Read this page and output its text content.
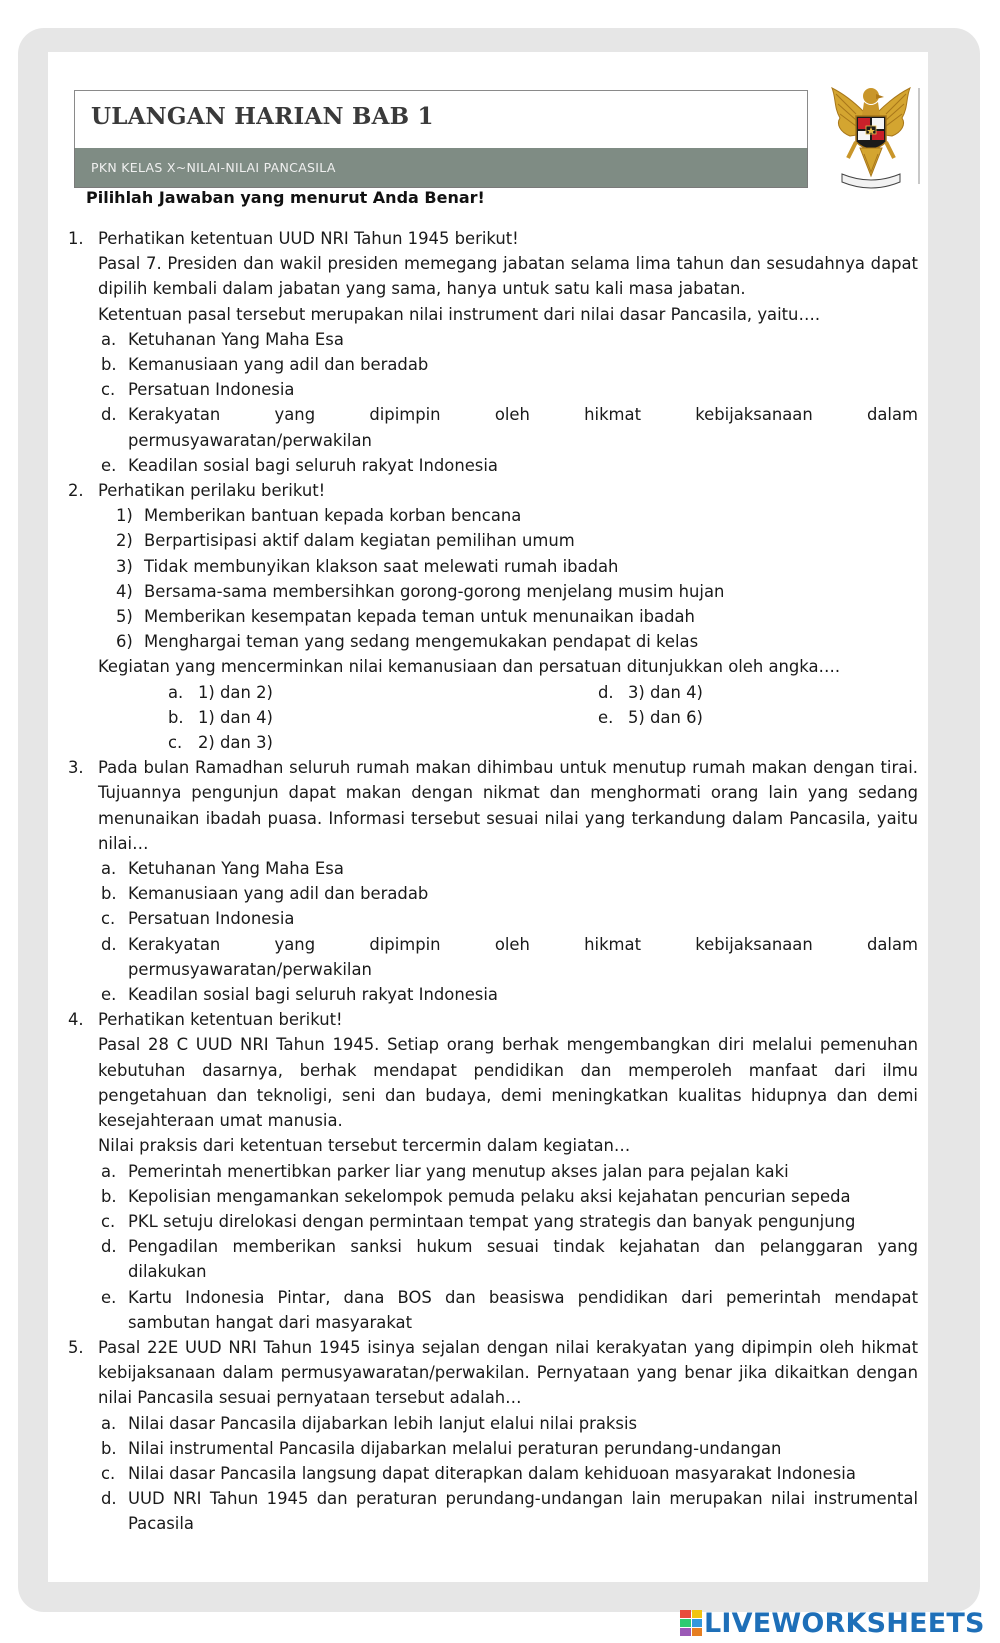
ULANGAN HARIAN BAB 1
PKN KELAS X~NILAI-NILAI PANCASILA
Pilihlah Jawaban yang menurut Anda Benar!
1. Perhatikan ketentuan UUD NRI Tahun 1945 berikut!
Pasal 7. Presiden dan wakil presiden memegang jabatan selama lima tahun dan sesudahnya dapat dipilih kembali dalam jabatan yang sama, hanya untuk satu kali masa jabatan.
Ketentuan pasal tersebut merupakan nilai instrument dari nilai dasar Pancasila, yaitu….
a. Ketuhanan Yang Maha Esa
b. Kemanusiaan yang adil dan beradab
c. Persatuan Indonesia
d. Kerakyatan yang dipimpin oleh hikmat kebijaksanaan dalam
permusyawaratan/perwakilan
e. Keadilan sosial bagi seluruh rakyat Indonesia
2. Perhatikan perilaku berikut!
1) Memberikan bantuan kepada korban bencana
2) Berpartisipasi aktif dalam kegiatan pemilihan umum
3) Tidak membunyikan klakson saat melewati rumah ibadah
4) Bersama-sama membersihkan gorong-gorong menjelang musim hujan
5) Memberikan kesempatan kepada teman untuk menunaikan ibadah
6) Menghargai teman yang sedang mengemukakan pendapat di kelas
Kegiatan yang mencerminkan nilai kemanusiaan dan persatuan ditunjukkan oleh angka….
a. 1) dan 2)
b. 1) dan 4)
c. 2) dan 3)
d. 3) dan 4)
e. 5) dan 6)
3. Pada bulan Ramadhan seluruh rumah makan dihimbau untuk menutup rumah makan dengan tirai. Tujuannya pengunjun dapat makan dengan nikmat dan menghormati orang lain yang sedang menunaikan ibadah puasa. Informasi tersebut sesuai nilai yang terkandung dalam Pancasila, yaitu nilai…
a. Ketuhanan Yang Maha Esa
b. Kemanusiaan yang adil dan beradab
c. Persatuan Indonesia
d. Kerakyatan yang dipimpin oleh hikmat kebijaksanaan dalam
permusyawaratan/perwakilan
e. Keadilan sosial bagi seluruh rakyat Indonesia
4. Perhatikan ketentuan berikut!
Pasal 28 C UUD NRI Tahun 1945. Setiap orang berhak mengembangkan diri melalui pemenuhan kebutuhan dasarnya, berhak mendapat pendidikan dan memperoleh manfaat dari ilmu pengetahuan dan teknoligi, seni dan budaya, demi meningkatkan kualitas hidupnya dan demi kesejahteraan umat manusia.
Nilai praksis dari ketentuan tersebut tercermin dalam kegiatan…
a. Pemerintah menertibkan parker liar yang menutup akses jalan para pejalan kaki
b. Kepolisian mengamankan sekelompok pemuda pelaku aksi kejahatan pencurian sepeda
c. PKL setuju direlokasi dengan permintaan tempat yang strategis dan banyak pengunjung
d. Pengadilan memberikan sanksi hukum sesuai tindak kejahatan dan pelanggaran yang dilakukan
e. Kartu Indonesia Pintar, dana BOS dan beasiswa pendidikan dari pemerintah mendapat sambutan hangat dari masyarakat
5. Pasal 22E UUD NRI Tahun 1945 isinya sejalan dengan nilai kerakyatan yang dipimpin oleh hikmat kebijaksanaan dalam permusyawaratan/perwakilan. Pernyataan yang benar jika dikaitkan dengan nilai Pancasila sesuai pernyataan tersebut adalah…
a. Nilai dasar Pancasila dijabarkan lebih lanjut elalui nilai praksis
b. Nilai instrumental Pancasila dijabarkan melalui peraturan perundang-undangan
c. Nilai dasar Pancasila langsung dapat diterapkan dalam kehiduoan masyarakat Indonesia
d. UUD NRI Tahun 1945 dan peraturan perundang-undangan lain merupakan nilai instrumental Pacasila
LIVEWORKSHEETS
